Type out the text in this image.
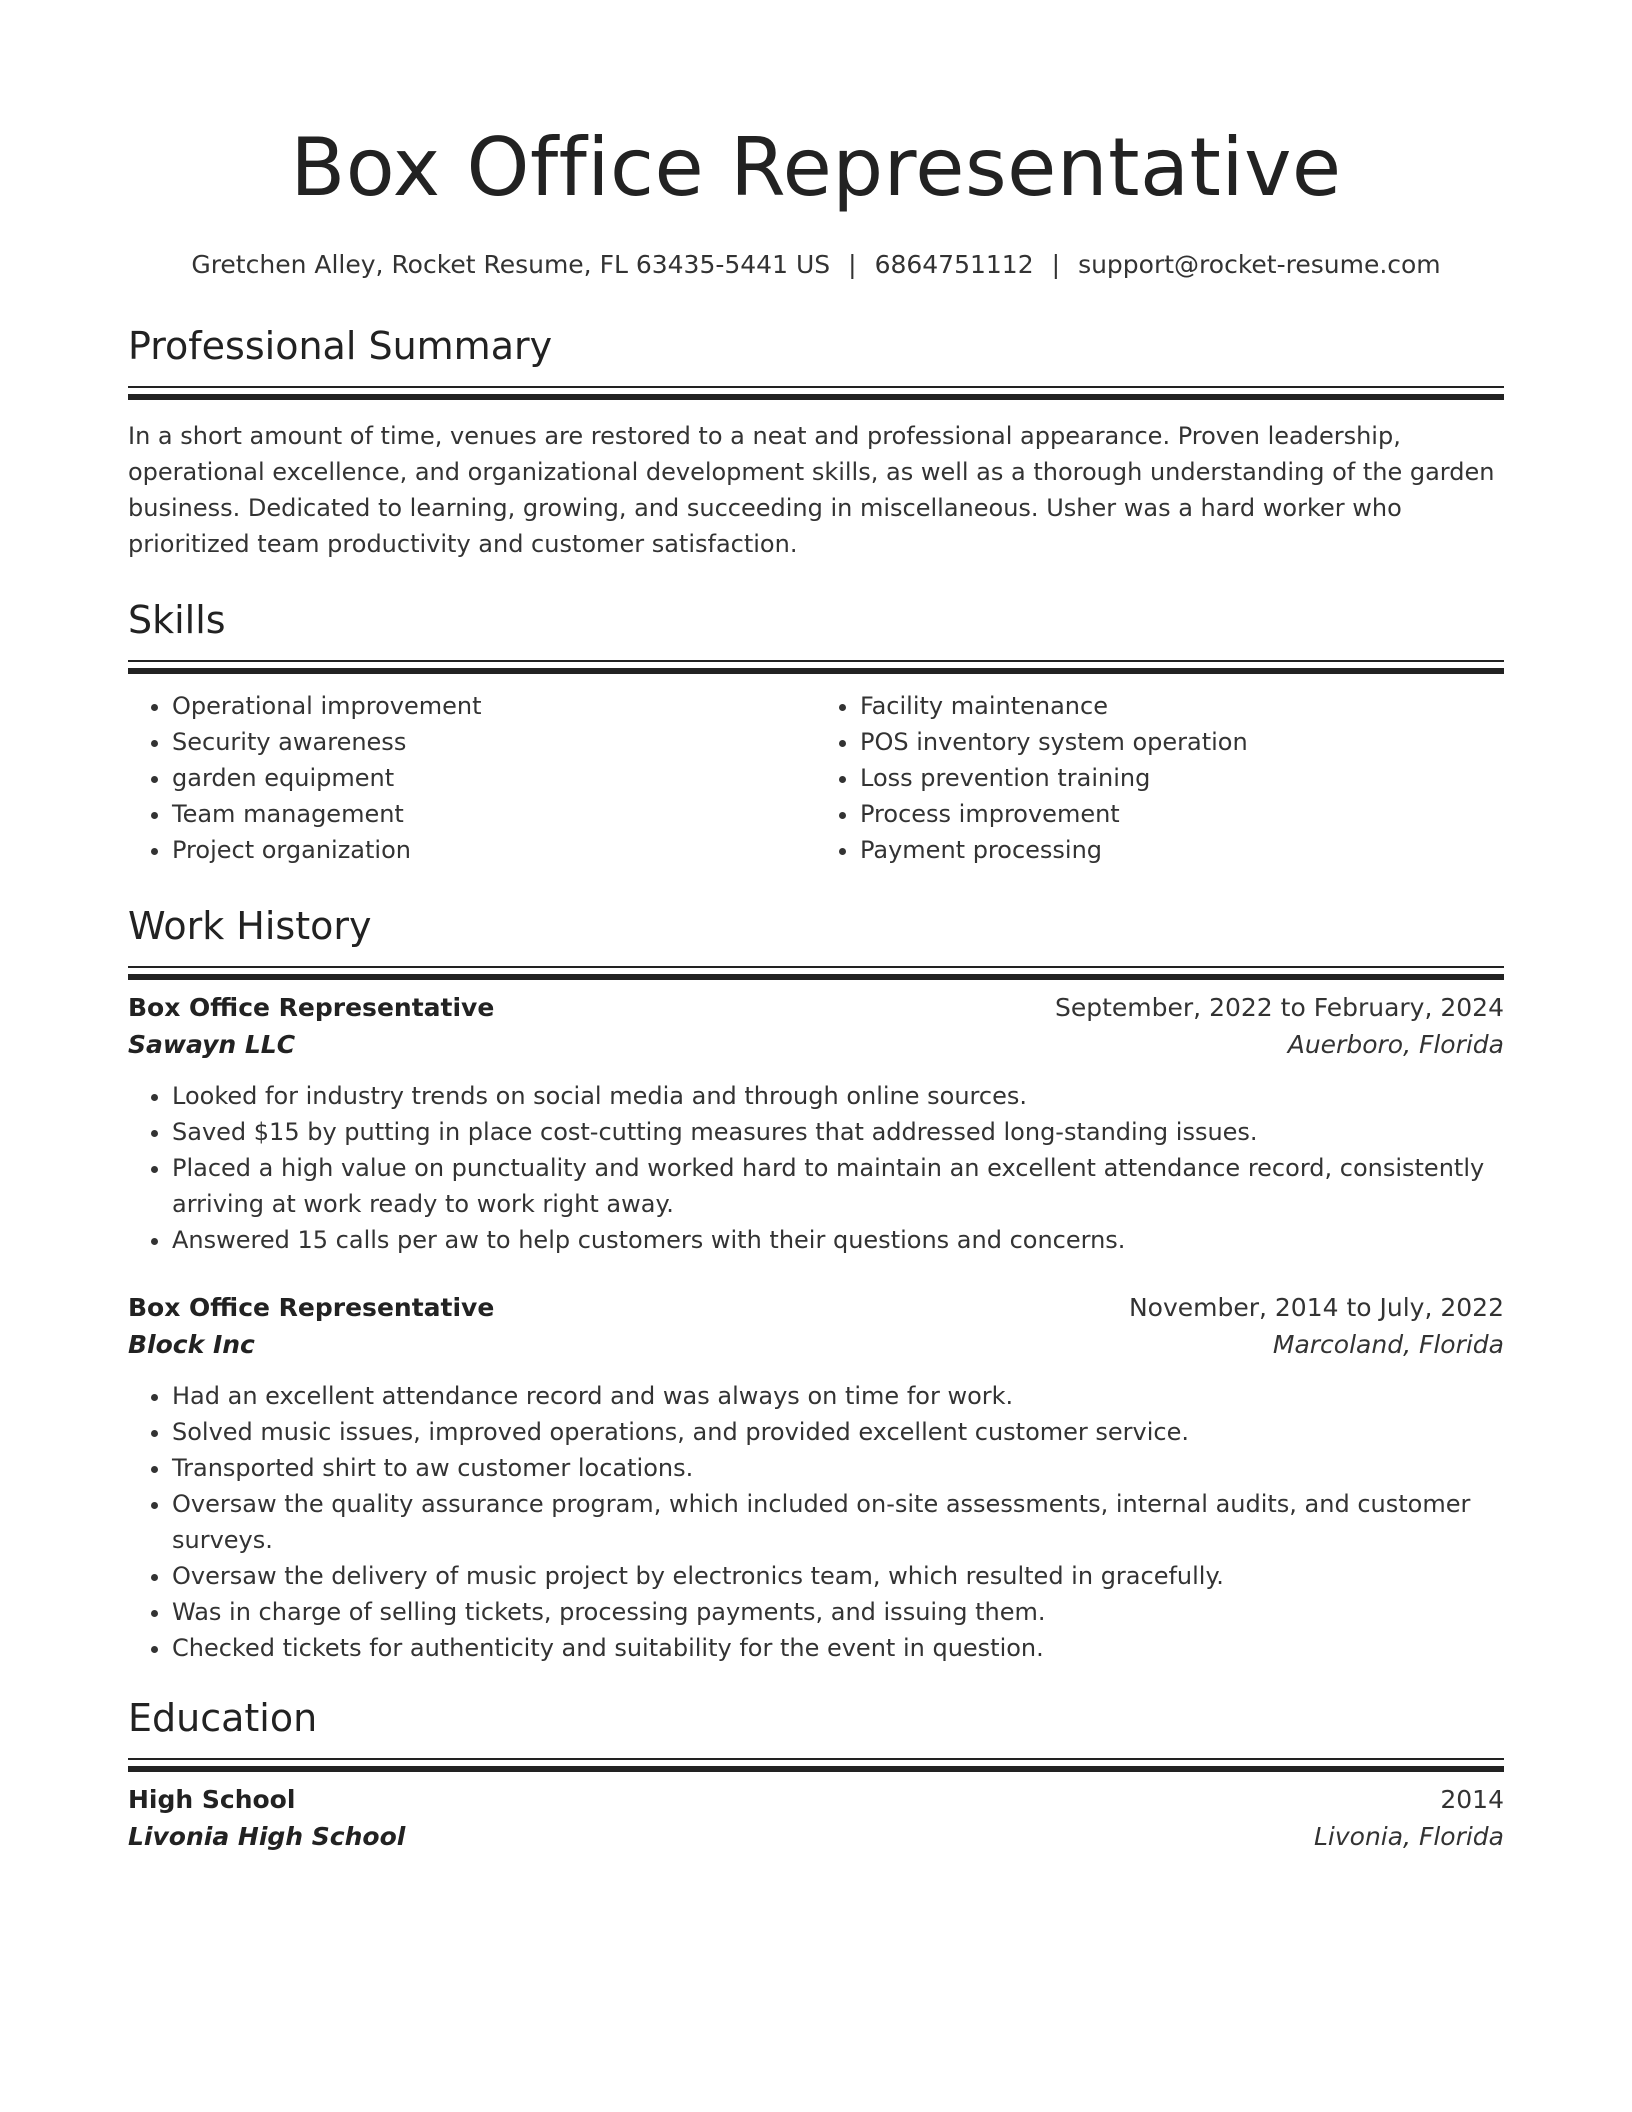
Box Office Representative
Gretchen Alley, Rocket Resume, FL 63435-5441 US | 6864751112 | support@rocket-resume.com
Professional Summary
In a short amount of time, venues are restored to a neat and professional appearance. Proven leadership, operational excellence, and organizational development skills, as well as a thorough understanding of the garden business. Dedicated to learning, growing, and succeeding in miscellaneous. Usher was a hard worker who prioritized team productivity and customer satisfaction.
Skills
• Operational improvement
• Security awareness
• garden equipment
• Team management
• Project organization
• Facility maintenance
• POS inventory system operation
• Loss prevention training
• Process improvement
• Payment processing
Work History
Box Office Representative	September, 2022 to February, 2024
Sawayn LLC	Auerboro, Florida
• Looked for industry trends on social media and through online sources.
• Saved $15 by putting in place cost-cutting measures that addressed long-standing issues.
• Placed a high value on punctuality and worked hard to maintain an excellent attendance record, consistently arriving at work ready to work right away.
• Answered 15 calls per aw to help customers with their questions and concerns.
Box Office Representative	November, 2014 to July, 2022
Block Inc	Marcoland, Florida
• Had an excellent attendance record and was always on time for work.
• Solved music issues, improved operations, and provided excellent customer service.
• Transported shirt to aw customer locations.
• Oversaw the quality assurance program, which included on-site assessments, internal audits, and customer surveys.
• Oversaw the delivery of music project by electronics team, which resulted in gracefully.
• Was in charge of selling tickets, processing payments, and issuing them.
• Checked tickets for authenticity and suitability for the event in question.
Education
High School	2014
Livonia High School	Livonia, Florida
